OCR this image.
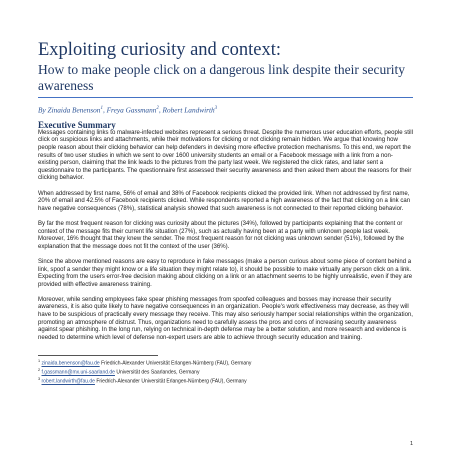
Exploiting curiosity and context:
How to make people click on a dangerous link despite their security awareness

By Zinaida Benenson$^1$, Freya Gassmann$^2$, Robert Landwirth$^3$

Executive Summary

Messages containing links to malware-infected websites represent a serious threat. Despite the numerous user education efforts, people still click on suspicious links and attachments, while their motivations for clicking or not clicking remain hidden. We argue that knowing how people reason about their clicking behavior can help defenders in devising more effective protection mechanisms. To this end, we report the results of two user studies in which we sent to over 1600 university students an email or a Facebook message with a link from a non-existing person, claiming that the link leads to the pictures from the party last week. We registered the click rates, and later sent a questionnaire to the participants. The questionnaire first assessed their security awareness and then asked them about the reasons for their clicking behavior.

When addressed by first name, 56% of email and 38% of Facebook recipients clicked the provided link. When not addressed by first name, 20% of email and 42.5% of Facebook recipients clicked. While respondents reported a high awareness of the fact that clicking on a link can have negative consequences (78%), statistical analysis showed that such awareness is not connected to their reported clicking behavior.

By far the most frequent reason for clicking was curiosity about the pictures (34%), followed by participants explaining that the content or context of the message fits their current life situation (27%), such as actually having been at a party with unknown people last week. Moreover, 16% thought that they knew the sender. The most frequent reason for not clicking was unknown sender (51%), followed by the explanation that the message does not fit the context of the user (36%).

Since the above mentioned reasons are easy to reproduce in fake messages (make a person curious about some piece of content behind a link, spoof a sender they might know or a life situation they might relate to), it should be possible to make virtually any person click on a link. Expecting from the users error-free decision making about clicking on a link or an attachment seems to be highly unrealistic, even if they are provided with effective awareness training.

Moreover, while sending employees fake spear phishing messages from spoofed colleagues and bosses may increase their security awareness, it is also quite likely to have negative consequences in an organization. People's work effectiveness may decrease, as they will have to be suspicious of practically every message they receive. This may also seriously hamper social relationships within the organization, promoting an atmosphere of distrust. Thus, organizations need to carefully assess the pros and cons of increasing security awareness against spear phishing. In the long run, relying on technical in-depth defense may be a better solution, and more research and evidence is needed to determine which level of defense non-expert users are able to achieve through security education and training.

$^1$ zinaida.benenson@fau.de Friedrich-Alexander Universität Erlangen-Nürnberg (FAU), Germany

$^2$ f.gassmann@mx.uni-saarland.de Universität des Saarlandes, Germany

$^3$ robert.landwirth@fau.de Friedrich-Alexander Universität Erlangen-Nürnberg (FAU), Germany

1
